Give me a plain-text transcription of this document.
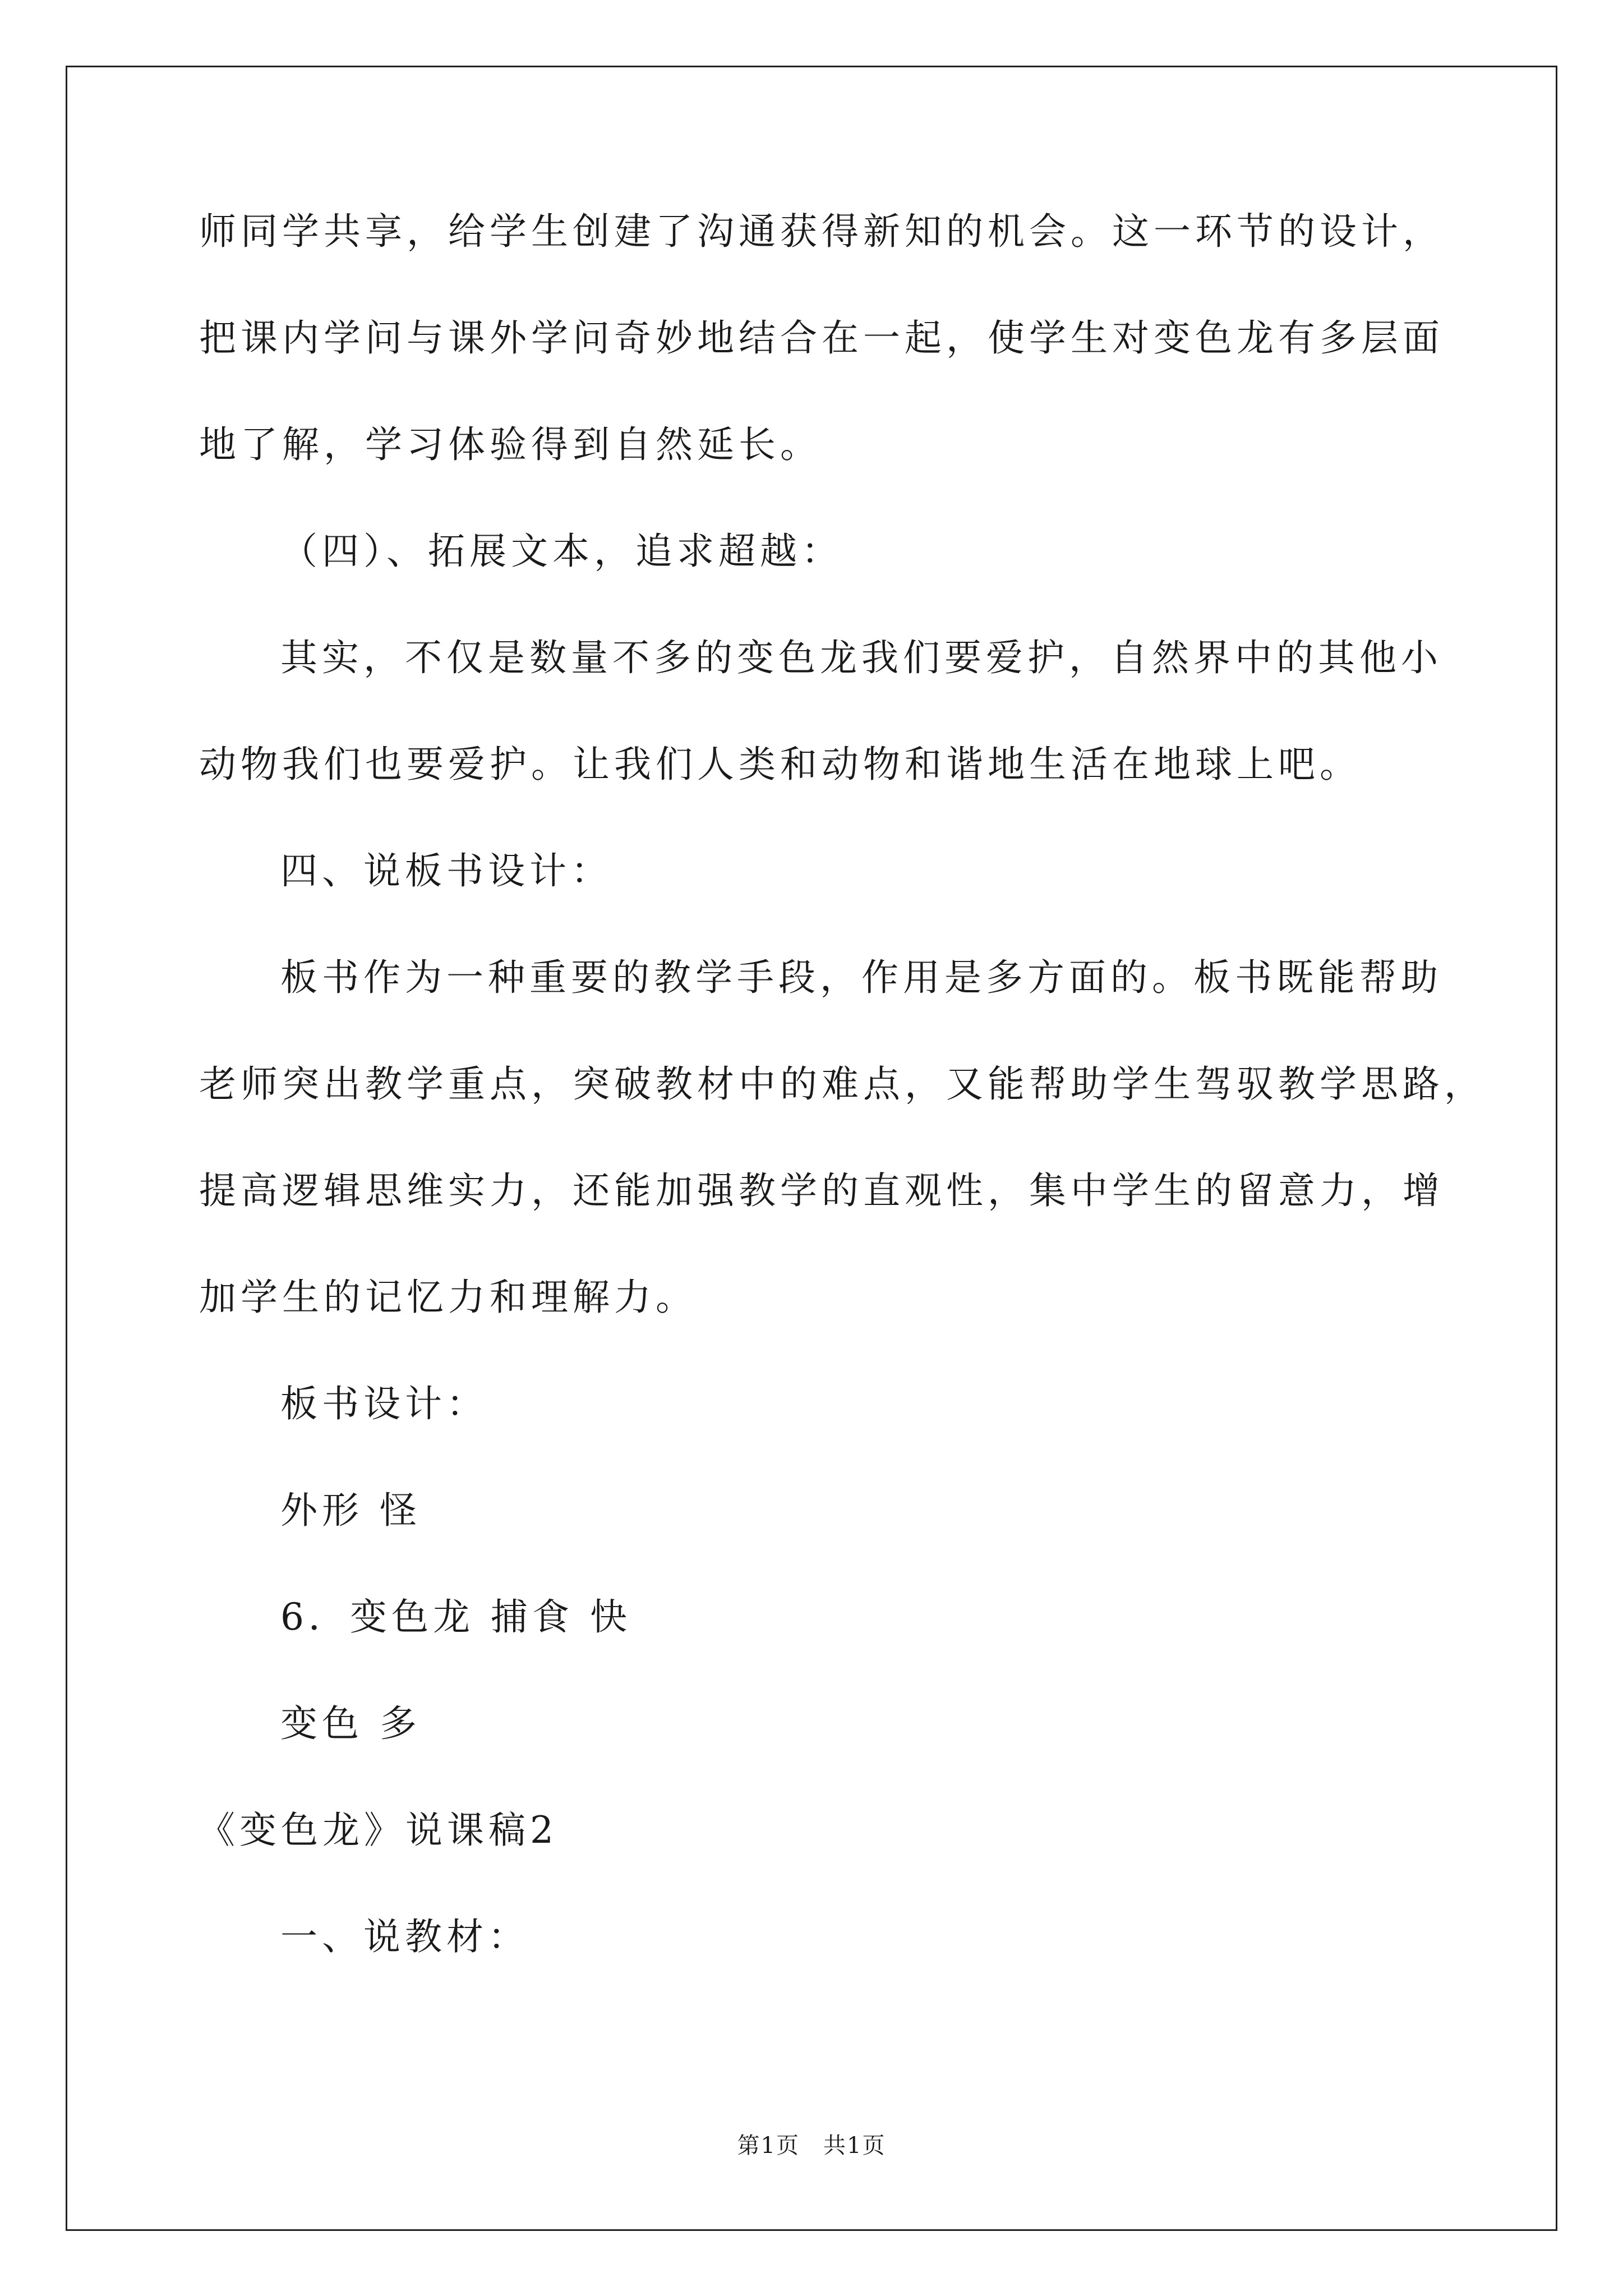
师同学共享，给学生创建了沟通获得新知的机会。这一环节的设计，
把课内学问与课外学问奇妙地结合在一起，使学生对变色龙有多层面
地了解，学习体验得到自然延长。
（四）、拓展文本，追求超越：
其实，不仅是数量不多的变色龙我们要爱护，自然界中的其他小
动物我们也要爱护。让我们人类和动物和谐地生活在地球上吧。
四、说板书设计：
板书作为一种重要的教学手段，作用是多方面的。板书既能帮助
老师突出教学重点，突破教材中的难点，又能帮助学生驾驭教学思路，
提高逻辑思维实力，还能加强教学的直观性，集中学生的留意力，增
加学生的记忆力和理解力。
板书设计：
外形 怪
6．变色龙 捕食 快
变色 多
《变色龙》说课稿2
一、说教材：
第1页　共1页
